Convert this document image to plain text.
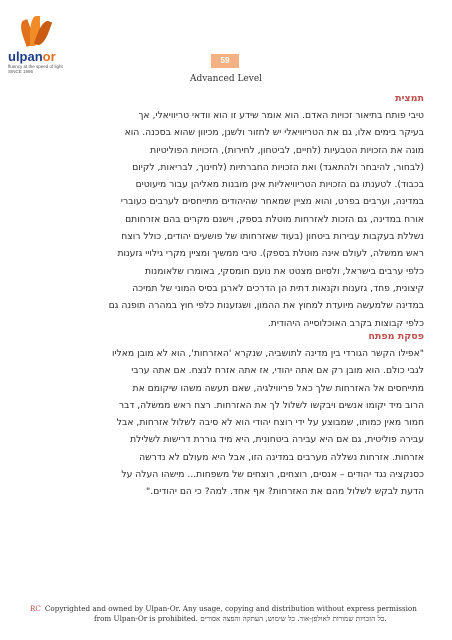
ulpanor
fluency at the speed of light
SINCE 1995
59
Advanced Level
תמצית
טיבי פותח בתיאור זכויות האדם. הוא אומר שידע זו הוא וודאי טריוויאלי, אך
בעיקר בימים אלו, גם את הטריוויאלי יש לחזור ולשנן, מכיוון שהוא בסכנה. הוא
מונה את הזכויות הטבעיות (לחיים, לביטחון, לחירות), הזכויות הפוליטיות
(לבחור, להיבחר ולהתאגד) ואת הזכויות החברתיות (לחינוך, לבריאות, לקיום
בכבוד). לטענתו גם הזכויות הטריוויאליות אינן מובנות מאליהן עבור מיעוטים
במדינה, וערבים בפרט, והוא מציין שמאחר שהיהודים מתייחסים לערבים כעוברי
אורח במדינה, גם הזכות לאזרחות מוטלת בספק, וישנם מקרים בהם אזרחותם
נשללת בעקבות עבירות ביטחון (בעוד שאזרחותו של פושעים יהודים, כולל רוצח
ראש ממשלה, לעולם אינה מוטלת בספק). טיבי ממשיך ומציין מקרי גילויי גזענות
כלפי ערבים בישראל, ולסיום מצטט את נועם חומסקי, באומרו שלאומנות
קיצונית, פחד, גזענות וקנאות דתית הן הדרכים לארגן בסיס המוני של תמיכה
במדינה שלמעשה מיועדת למחוץ את ההמון, ושגזענות כלפי חוץ במהרה תופנה גם
כלפי קבוצות בקרב האוכלוסייה היהודית.
פסקת מפתח
"אפילו הקשר הגורדי בין מדינה לתושביה, שנקרא 'האזרחות', הוא לא מובן מאליו
לגבי כולם. הוא מובן רק אם אתה יהודי, אז אתה אזרח לנצח. אם אתה ערבי
מתייחסים אל האזרחות שלך כאל פריווילגיה, שאם תעשה משהו שיקומם את
הרוב מיד יקומו אנשים ויבקשו לשלול לך את האזרחות. רצח ראש ממשלה, דבר
חמור מאין כמותו, שמבוצע על ידי רוצח יהודי הוא לא סיבה לשלול אזרחות, אבל
עבירה פוליטית, גם אם היא עבירה ביטחונית, היא מיד גוררת דרישות לשלילת
אזרחות. אזרחות נשללה מערבים במדינה הזו, אבל היא מעולם לא נדרשה
כסנקציה נגד יהודים – אנסים, רוצחים, רוצחים של משפחות... מישהו העלה על
הדעת לבקש לשלול מהם את האזרחות? אף אחד. למה? כי הם יהודים."
RC Copyrighted and owned by Ulpan-Or. Any usage, copying and distribution without express permission
from Ulpan-Or is prohibited. כל הזכויות שמורות לאולפן-אור. כל שימוש, העתקה והפצה אסורים.
